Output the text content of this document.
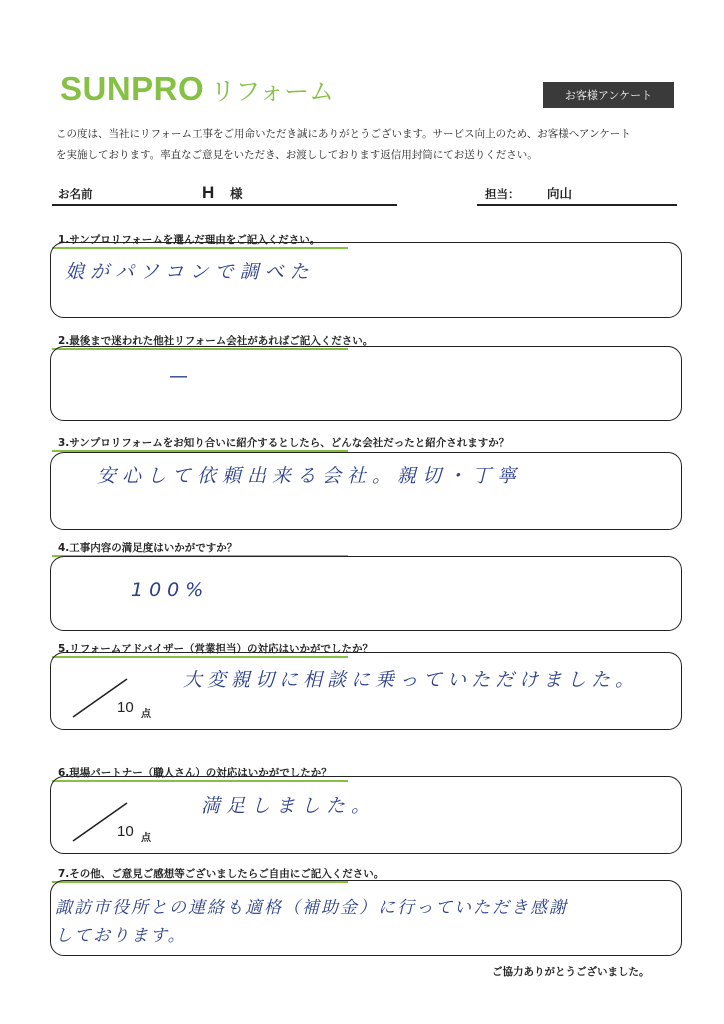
SUNPRO リフォーム	お客様アンケート

この度は、当社にリフォーム工事をご用命いただき誠にありがとうございます。サービス向上のため、お客様へアンケート

を実施しております。率直なご意見をいただき、お渡ししております返信用封筒にてお送りください。

お名前	H 様	担当： 向山
1.サンプロリフォームを選んだ理由をご記入ください。
娘がパソコンで調べた
2.最後まで迷われた他社リフォーム会社があればご記入ください。
—
3.サンプロリフォームをお知り合いに紹介するとしたら、どんな会社だったと紹介されますか？
安心して依頼出来る会社。親切・丁寧
4.工事内容の満足度はいかがですか？
100%
5.リフォームアドバイザー（営業担当）の対応はいかがでしたか？
10 点
大変親切に相談に乗っていただけました。
6.現場パートナー（職人さん）の対応はいかがでしたか？
10 点
満足しました。
7.その他、ご意見ご感想等ございましたらご自由にご記入ください。
諏訪市役所との連絡も適格（補助金）に行っていただき感謝
しております。
ご協力ありがとうございました。
